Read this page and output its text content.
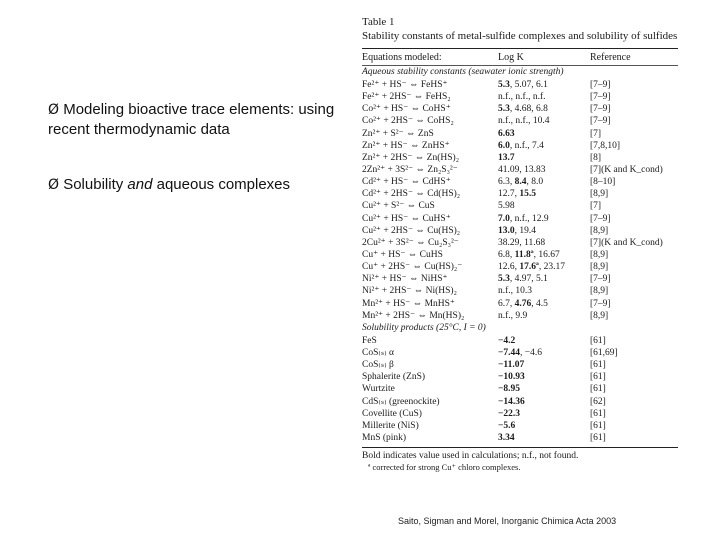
Ø Modeling bioactive trace elements: using recent thermodynamic data
Ø Solubility and aqueous complexes
Table 1
Stability constants of metal-sulfide complexes and solubility of sulfides
Equations modeled:	Log K	Reference
Aqueous stability constants (seawater ionic strength)
Fe²⁺ + HS⁻ ⇔ FeHS⁺	5.3, 5.07, 6.1	[7–9]
Fe²⁺ + 2HS⁻ ⇔ FeHS₂	n.f., n.f., n.f.	[7–9]
Co²⁺ + HS⁻ ⇔ CoHS⁺	5.3, 4.68, 6.8	[7–9]
Co²⁺ + 2HS⁻ ⇔ CoHS₂	n.f., n.f., 10.4	[7–9]
Zn²⁺ + S²⁻ ⇔ ZnS	6.63	[7]
Zn²⁺ + HS⁻ ⇔ ZnHS⁺	6.0, n.f., 7.4	[7,8,10]
Zn²⁺ + 2HS⁻ ⇔ Zn(HS)₂	13.7	[8]
2Zn²⁺ + 3S²⁻ ⇔ Zn₂S₃²⁻	41.09, 13.83	[7](K and K_cond)
Cd²⁺ + HS⁻ ⇔ CdHS⁺	6.3, 8.4, 8.0	[8–10]
Cd²⁺ + 2HS⁻ ⇔ Cd(HS)₂	12.7, 15.5	[8,9]
Cu²⁺ + S²⁻ ⇔ CuS	5.98	[7]
Cu²⁺ + HS⁻ ⇔ CuHS⁺	7.0, n.f., 12.9	[7–9]
Cu²⁺ + 2HS⁻ ⇔ Cu(HS)₂	13.0, 19.4	[8,9]
2Cu²⁺ + 3S²⁻ ⇔ Cu₂S₃²⁻	38.29, 11.68	[7](K and K_cond)
Cu⁺ + HS⁻ ⇔ CuHS	6.8, 11.8ª, 16.67	[8,9]
Cu⁺ + 2HS⁻ ⇔ Cu(HS)₂⁻	12.6, 17.6ª, 23.17	[8,9]
Ni²⁺ + HS⁻ ⇔ NiHS⁺	5.3, 4.97, 5.1	[7–9]
Ni²⁺ + 2HS⁻ ⇔ Ni(HS)₂	n.f., 10.3	[8,9]
Mn²⁺ + HS⁻ ⇔ MnHS⁺	6.7, 4.76, 4.5	[7–9]
Mn²⁺ + 2HS⁻ ⇔ Mn(HS)₂	n.f., 9.9	[8,9]
Solubility products (25°C, I = 0)
FeS	−4.2	[61]
CoS₍ₛ₎ α	−7.44, −4.6	[61,69]
CoS₍ₛ₎ β	−11.07	[61]
Sphalerite (ZnS)	−10.93	[61]
Wurtzite	−8.95	[61]
CdS₍ₛ₎ (greenockite)	−14.36	[62]
Covellite (CuS)	−22.3	[61]
Millerite (NiS)	−5.6	[61]
MnS (pink)	3.34	[61]
Bold indicates value used in calculations; n.f., not found.
ª corrected for strong Cu⁺ chloro complexes.
Saito, Sigman and Morel, Inorganic Chimica Acta 2003
